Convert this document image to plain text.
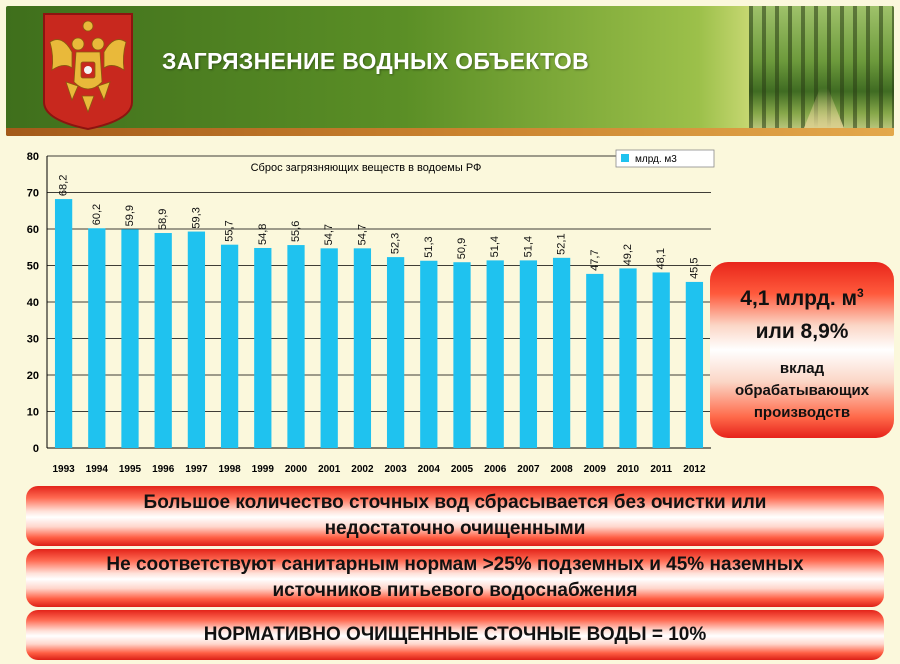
ЗАГРЯЗНЕНИЕ ВОДНЫХ ОБЪЕКТОВ
68,2
60,2 59,9 58,9 59,3
55,7 54,8 55,6 54,7 54,7 52,3 51,3 50,9 51,4 51,4 52,1
47,7 49,2 48,1 45,5
1993 1994 1995 1996 1997 1998 1999 2000 2001 2002 2003 2004 2005 2006 2007 2008 2009 2010 2011 2012
0
10
20
30
40
50
60
70
80
Сброс загрязняющих веществ в водоемы РФ
млрд. м3
4,1 млрд. $м^3$
или 8,9%
вклад
обрабатывающих
производств
Большое количество сточных вод сбрасывается без очистки или
недостаточно очищенными
Не соответствуют санитарным нормам >25% подземных и 45% наземных
источников питьевого водоснабжения
НОРМАТИВНО ОЧИЩЕННЫЕ СТОЧНЫЕ ВОДЫ = 10%
